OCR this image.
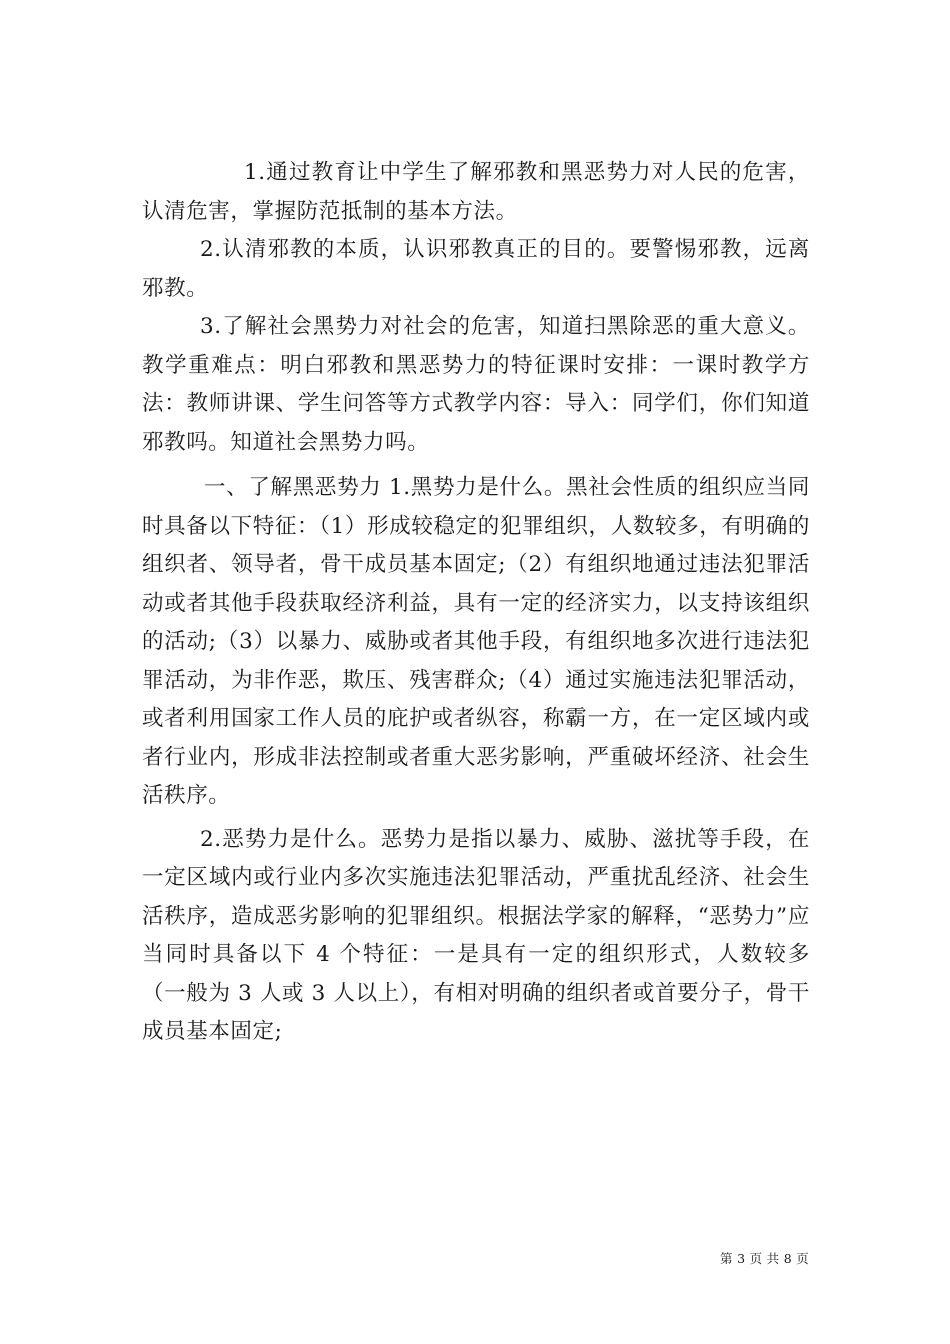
1.通过教育让中学生了解邪教和黑恶势力对人民的危害，认清危害，掌握防范抵制的基本方法。

2.认清邪教的本质，认识邪教真正的目的。要警惕邪教，远离邪教。

3.了解社会黑势力对社会的危害，知道扫黑除恶的重大意义。教学重难点：明白邪教和黑恶势力的特征课时安排：一课时教学方法：教师讲课、学生问答等方式教学内容：导入：同学们，你们知道邪教吗。知道社会黑势力吗。

一、了解黑恶势力 1.黑势力是什么。黑社会性质的组织应当同时具备以下特征：（1）形成较稳定的犯罪组织，人数较多，有明确的组织者、领导者，骨干成员基本固定;（2）有组织地通过违法犯罪活动或者其他手段获取经济利益，具有一定的经济实力，以支持该组织的活动;（3）以暴力、威胁或者其他手段，有组织地多次进行违法犯罪活动，为非作恶，欺压、残害群众;（4）通过实施违法犯罪活动，或者利用国家工作人员的庇护或者纵容，称霸一方，在一定区域内或者行业内，形成非法控制或者重大恶劣影响，严重破坏经济、社会生活秩序。

2.恶势力是什么。恶势力是指以暴力、威胁、滋扰等手段，在一定区域内或行业内多次实施违法犯罪活动，严重扰乱经济、社会生活秩序，造成恶劣影响的犯罪组织。根据法学家的解释，“恶势力”应当同时具备以下 4 个特征：一是具有一定的组织形式，人数较多（一般为 3 人或 3 人以上），有相对明确的组织者或首要分子，骨干成员基本固定;

第 3 页 共 8 页
